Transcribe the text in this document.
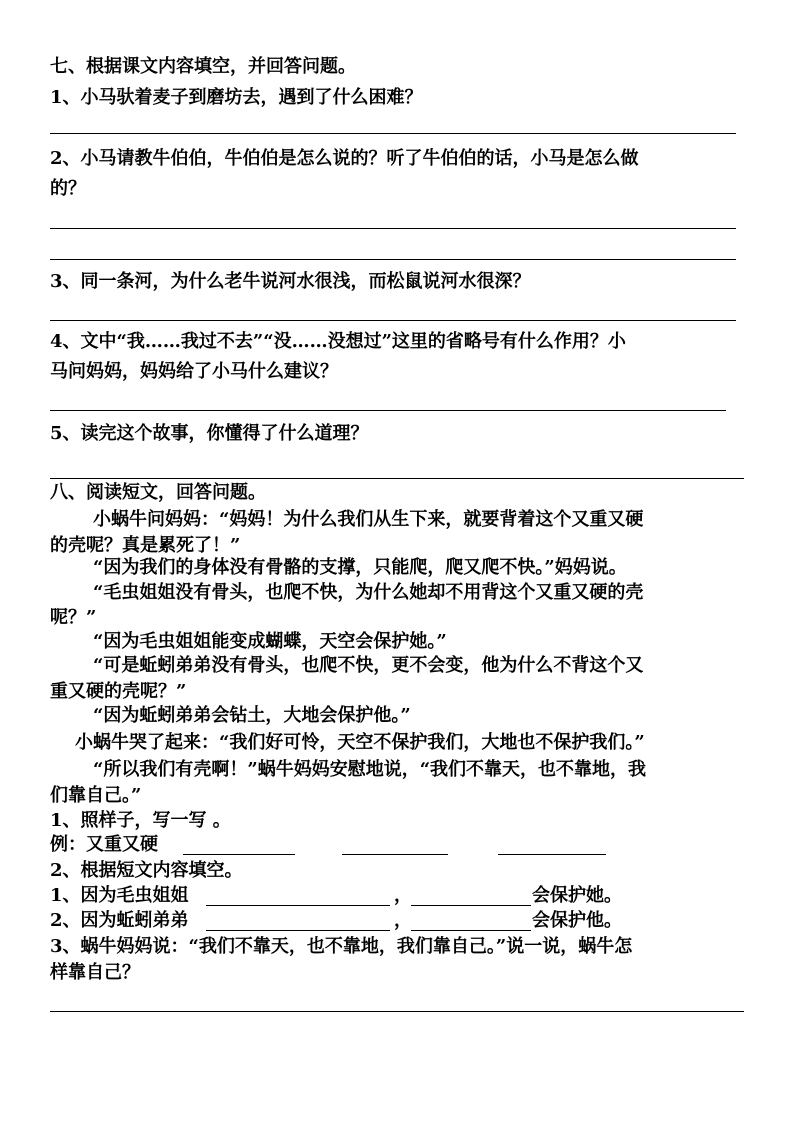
七、根据课文内容填空，并回答问题。
1、小马驮着麦子到磨坊去，遇到了什么困难？
2、小马请教牛伯伯，牛伯伯是怎么说的？听了牛伯伯的话，小马是怎么做
的？
3、同一条河，为什么老牛说河水很浅，而松鼠说河水很深？
4、文中“我……我过不去”“没……没想过”这里的省略号有什么作用？小
马问妈妈，妈妈给了小马什么建议？
5、读完这个故事，你懂得了什么道理？
八、阅读短文，回答问题。
小蜗牛问妈妈：“妈妈！为什么我们从生下来，就要背着这个又重又硬
的壳呢？真是累死了！”
“因为我们的身体没有骨骼的支撑，只能爬，爬又爬不快。”妈妈说。
“毛虫姐姐没有骨头，也爬不快，为什么她却不用背这个又重又硬的壳
呢？”
“因为毛虫姐姐能变成蝴蝶，天空会保护她。”
“可是蚯蚓弟弟没有骨头，也爬不快，更不会变，他为什么不背这个又
重又硬的壳呢？”
“因为蚯蚓弟弟会钻土，大地会保护他。”
小蜗牛哭了起来：“我们好可怜，天空不保护我们，大地也不保护我们。”
“所以我们有壳啊！”蜗牛妈妈安慰地说，“我们不靠天，也不靠地，我
们靠自己。”
1、照样子，写一写 。
例：又重又硬
2、根据短文内容填空。
1、因为毛虫姐姐	，	会保护她。
2、因为蚯蚓弟弟	，	会保护他。
3、蜗牛妈妈说：“我们不靠天，也不靠地，我们靠自己。”说一说，蜗牛怎
样靠自己？
